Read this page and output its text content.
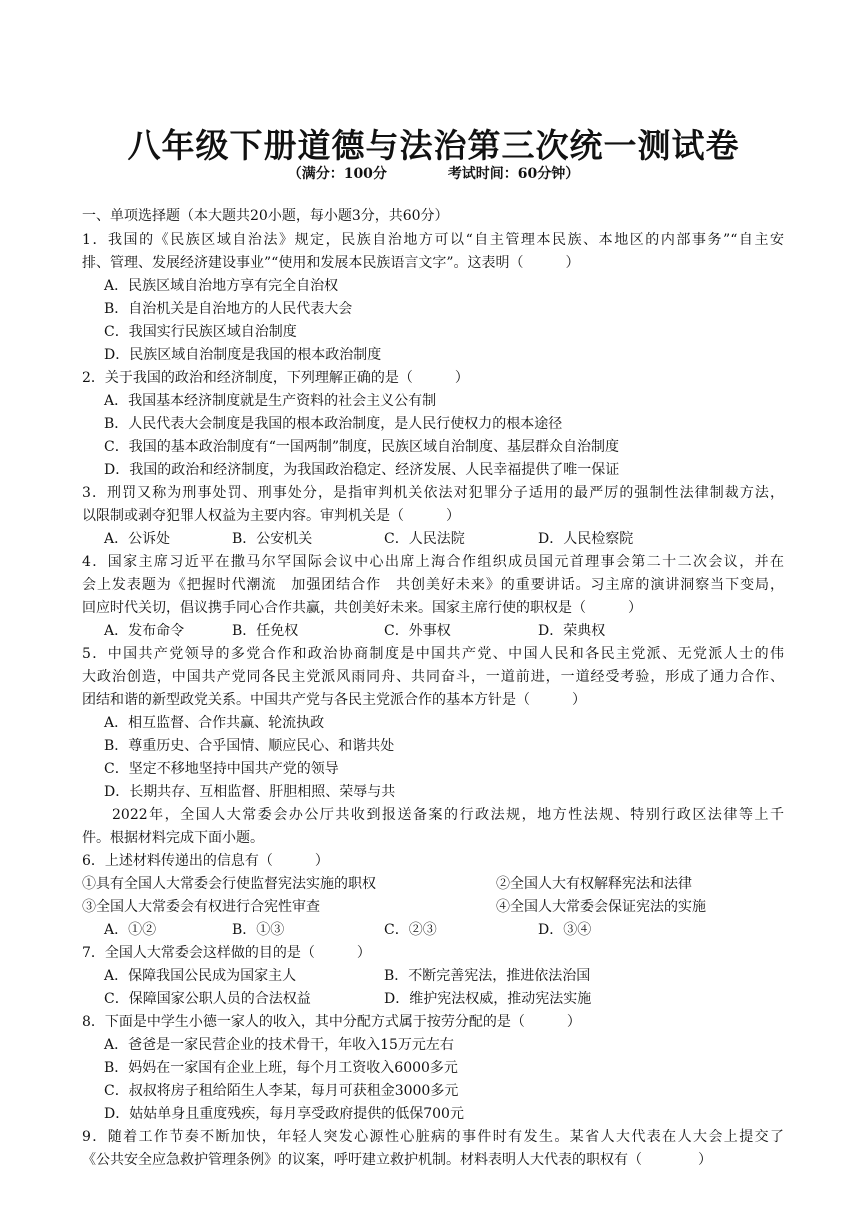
八年级下册道德与法治第三次统一测试卷
（满分：100分	考试时间：60分钟）
一、单项选择题（本大题共20小题，每小题3分，共60分）
1．我国的《民族区域自治法》规定，民族自治地方可以“自主管理本民族、本地区的内部事务”“自主安
排、管理、发展经济建设事业”“使用和发展本民族语言文字”。这表明（　　　）
A．民族区域自治地方享有完全自治权
B．自治机关是自治地方的人民代表大会
C．我国实行民族区域自治制度
D．民族区域自治制度是我国的根本政治制度
2．关于我国的政治和经济制度，下列理解正确的是（　　　）
A．我国基本经济制度就是生产资料的社会主义公有制
B．人民代表大会制度是我国的根本政治制度，是人民行使权力的根本途径
C．我国的基本政治制度有“一国两制”制度，民族区域自治制度、基层群众自治制度
D．我国的政治和经济制度，为我国政治稳定、经济发展、人民幸福提供了唯一保证
3．刑罚又称为刑事处罚、刑事处分，是指审判机关依法对犯罪分子适用的最严厉的强制性法律制裁方法，
以限制或剥夺犯罪人权益为主要内容。审判机关是（　　　）
A．公诉处	B．公安机关	C．人民法院	D．人民检察院
4．国家主席习近平在撒马尔罕国际会议中心出席上海合作组织成员国元首理事会第二十二次会议，并在
会上发表题为《把握时代潮流　加强团结合作　共创美好未来》的重要讲话。习主席的演讲洞察当下变局，
回应时代关切，倡议携手同心合作共赢，共创美好未来。国家主席行使的职权是（　　　）
A．发布命令	B．任免权	C．外事权	D．荣典权
5．中国共产党领导的多党合作和政治协商制度是中国共产党、中国人民和各民主党派、无党派人士的伟
大政治创造，中国共产党同各民主党派风雨同舟、共同奋斗，一道前进，一道经受考验，形成了通力合作、
团结和谐的新型政党关系。中国共产党与各民主党派合作的基本方针是（　　　）
A．相互监督、合作共赢、轮流执政
B．尊重历史、合乎国情、顺应民心、和谐共处
C．坚定不移地坚持中国共产党的领导
D．长期共存、互相监督、肝胆相照、荣辱与共
2022年，全国人大常委会办公厅共收到报送备案的行政法规，地方性法规、特别行政区法律等上千
件。根据材料完成下面小题。
6．上述材料传递出的信息有（　　　）
①具有全国人大常委会行使监督宪法实施的职权	②全国人大有权解释宪法和法律
③全国人大常委会有权进行合宪性审查	④全国人大常委会保证宪法的实施
A．①②	B．①③	C．②③	D．③④
7．全国人大常委会这样做的目的是（　　　）
A．保障我国公民成为国家主人	B．不断完善宪法，推进依法治国
C．保障国家公职人员的合法权益	D．维护宪法权威，推动宪法实施
8．下面是中学生小德一家人的收入，其中分配方式属于按劳分配的是（　　　）
A．爸爸是一家民营企业的技术骨干，年收入15万元左右
B．妈妈在一家国有企业上班，每个月工资收入6000多元
C．叔叔将房子租给陌生人李某，每月可获租金3000多元
D．姑姑单身且重度残疾，每月享受政府提供的低保700元
9．随着工作节奏不断加快，年轻人突发心源性心脏病的事件时有发生。某省人大代表在人大会上提交了
《公共安全应急救护管理条例》的议案，呼吁建立救护机制。材料表明人大代表的职权有（　　　　）
